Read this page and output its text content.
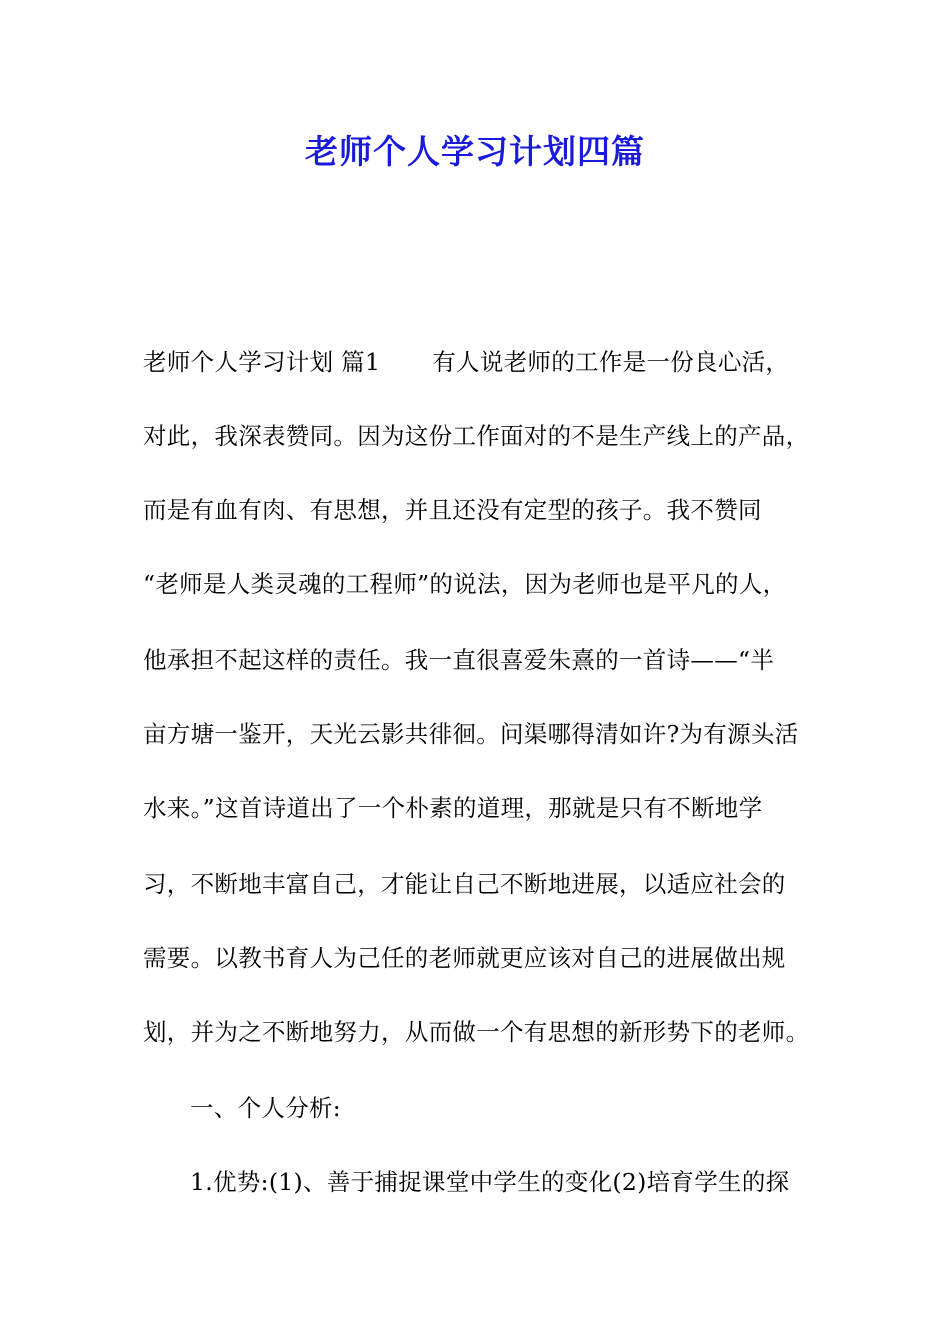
老师个人学习计划四篇
老师个人学习计划 篇1 有人说老师的工作是一份良心活，
对此，我深表赞同。因为这份工作面对的不是生产线上的产品，
而是有血有肉、有思想，并且还没有定型的孩子。我不赞同
“老师是人类灵魂的工程师”的说法，因为老师也是平凡的人，
他承担不起这样的责任。我一直很喜爱朱熹的一首诗——“半
亩方塘一鉴开，天光云影共徘徊。问渠哪得清如许?为有源头活
水来。”这首诗道出了一个朴素的道理，那就是只有不断地学
习，不断地丰富自己，才能让自己不断地进展，以适应社会的
需要。以教书育人为己任的老师就更应该对自己的进展做出规
划，并为之不断地努力，从而做一个有思想的新形势下的老师。
一、个人分析:
1.优势:(1)、善于捕捉课堂中学生的变化(2)培育学生的探
